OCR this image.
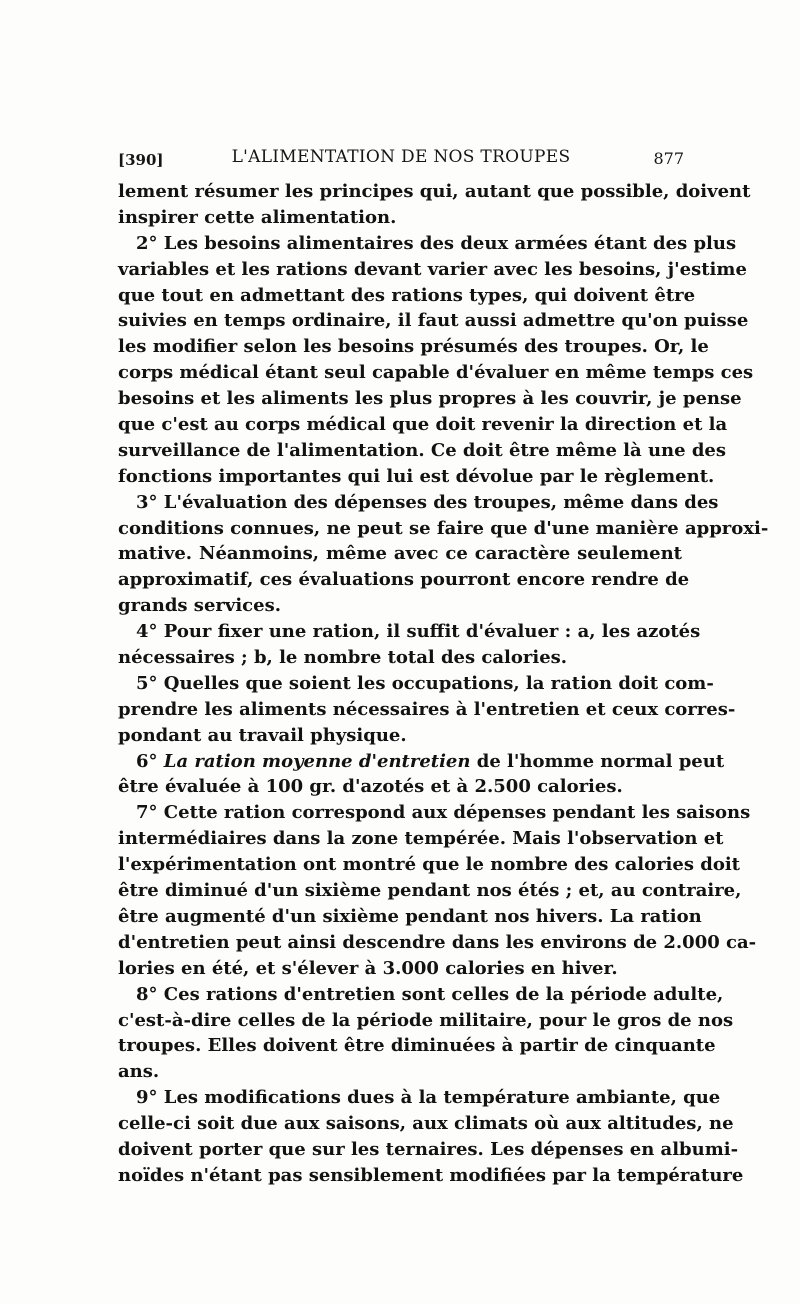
[390]	L'ALIMENTATION DE NOS TROUPES	877
lement résumer les principes qui, autant que possible, doivent
inspirer cette alimentation.
2° Les besoins alimentaires des deux armées étant des plus
variables et les rations devant varier avec les besoins, j'estime
que tout en admettant des rations types, qui doivent être
suivies en temps ordinaire, il faut aussi admettre qu'on puisse
les modifier selon les besoins présumés des troupes. Or, le
corps médical étant seul capable d'évaluer en même temps ces
besoins et les aliments les plus propres à les couvrir, je pense
que c'est au corps médical que doit revenir la direction et la
surveillance de l'alimentation. Ce doit être même là une des
fonctions importantes qui lui est dévolue par le règlement.
3° L'évaluation des dépenses des troupes, même dans des
conditions connues, ne peut se faire que d'une manière approxi-
mative. Néanmoins, même avec ce caractère seulement
approximatif, ces évaluations pourront encore rendre de
grands services.
4° Pour fixer une ration, il suffit d'évaluer : a, les azotés
nécessaires ; b, le nombre total des calories.
5° Quelles que soient les occupations, la ration doit com-
prendre les aliments nécessaires à l'entretien et ceux corres-
pondant au travail physique.
6° La ration moyenne d'entretien de l'homme normal peut
être évaluée à 100 gr. d'azotés et à 2.500 calories.
7° Cette ration correspond aux dépenses pendant les saisons
intermédiaires dans la zone tempérée. Mais l'observation et
l'expérimentation ont montré que le nombre des calories doit
être diminué d'un sixième pendant nos étés ; et, au contraire,
être augmenté d'un sixième pendant nos hivers. La ration
d'entretien peut ainsi descendre dans les environs de 2.000 ca-
lories en été, et s'élever à 3.000 calories en hiver.
8° Ces rations d'entretien sont celles de la période adulte,
c'est-à-dire celles de la période militaire, pour le gros de nos
troupes. Elles doivent être diminuées à partir de cinquante
ans.
9° Les modifications dues à la température ambiante, que
celle-ci soit due aux saisons, aux climats où aux altitudes, ne
doivent porter que sur les ternaires. Les dépenses en albumi-
noïdes n'étant pas sensiblement modifiées par la température
